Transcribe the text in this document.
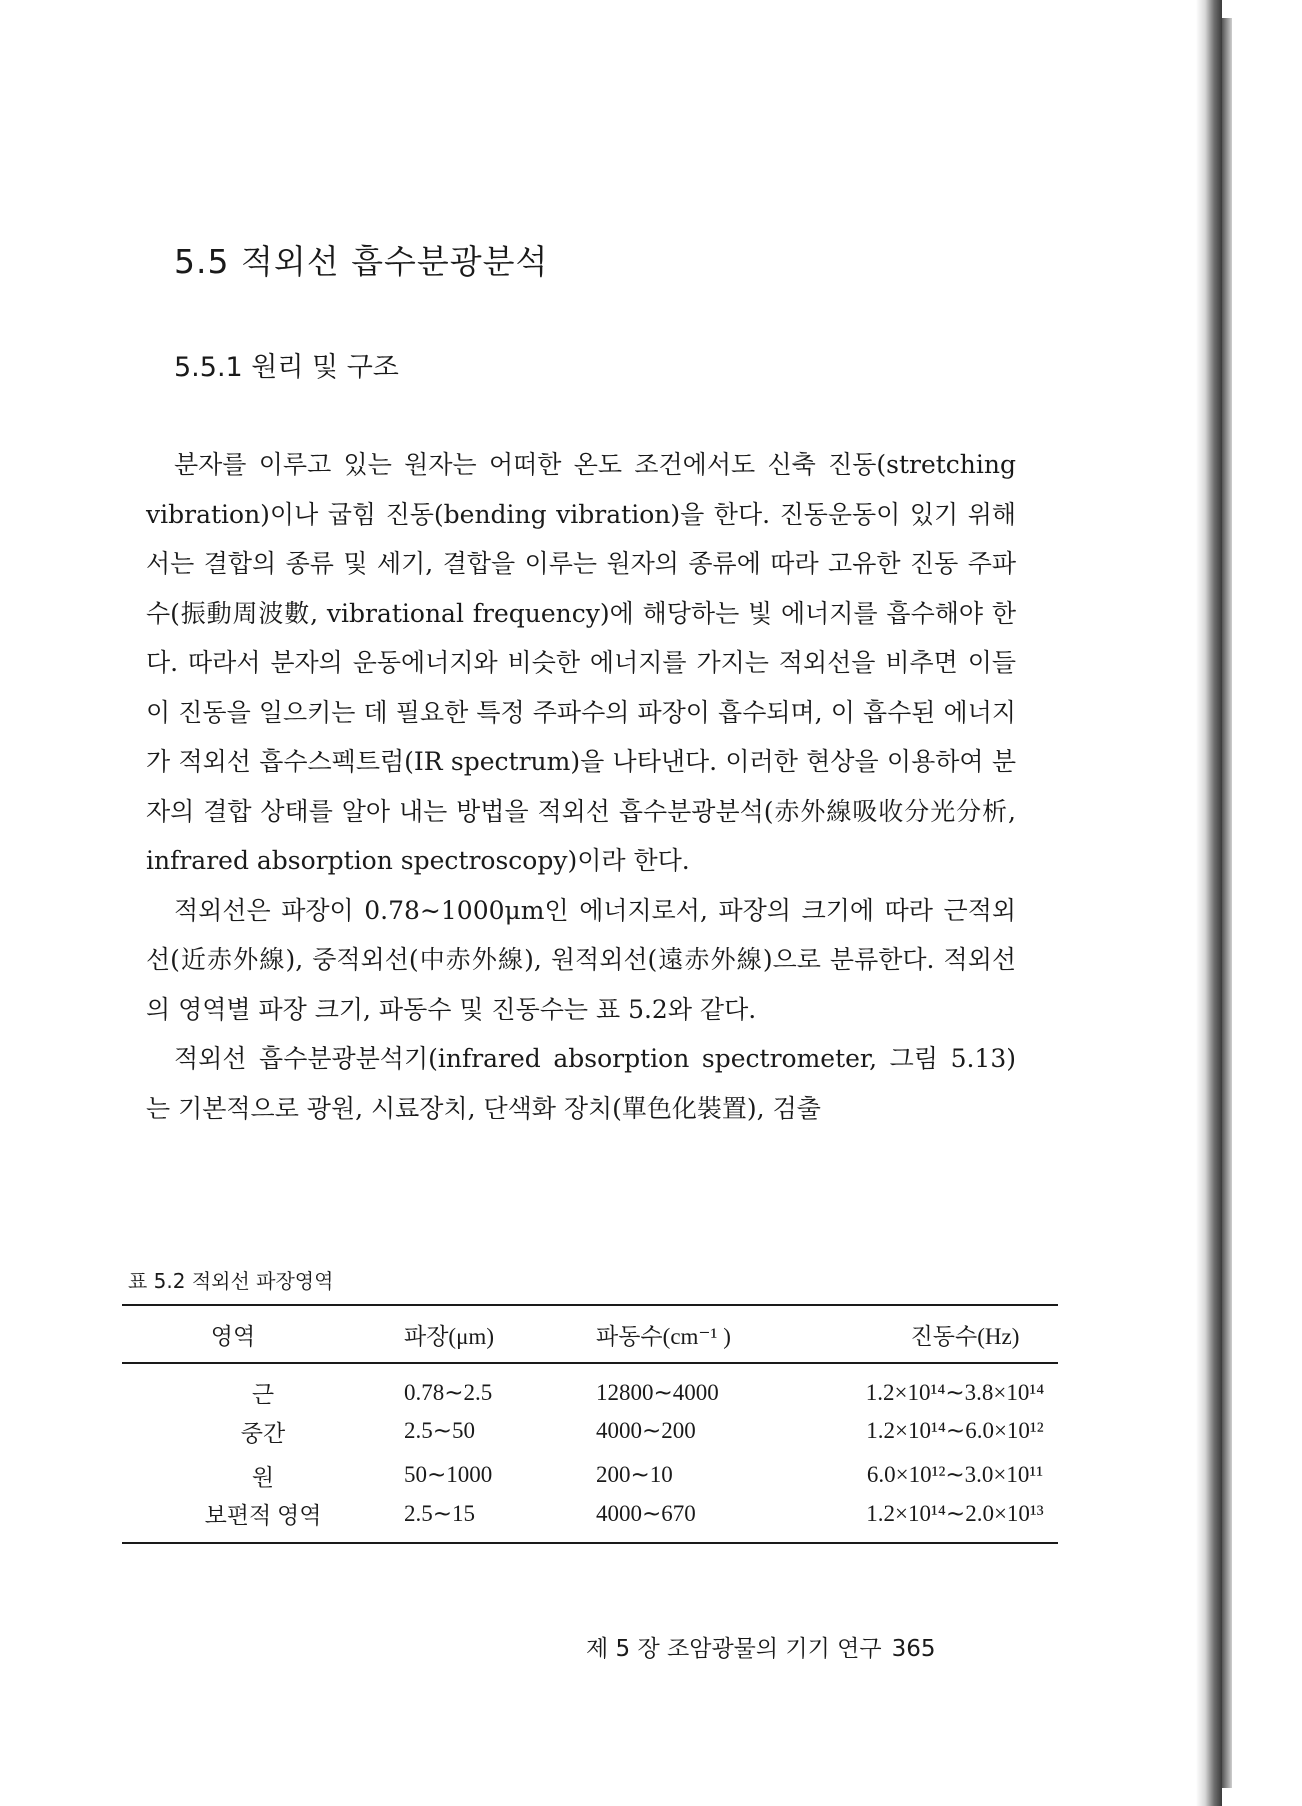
5.5 적외선 흡수분광분석
5.5.1 원리 및 구조

분자를 이루고 있는 원자는 어떠한 온도 조건에서도 신축 진동(stretching vibration)이나 굽힘 진동(bending vibration)을 한다. 진동운동이 있기 위해서는 결합의 종류 및 세기, 결합을 이루는 원자의 종류에 따라 고유한 진동 주파수(振動周波數, vibrational frequency)에 해당하는 빛 에너지를 흡수해야 한다. 따라서 분자의 운동에너지와 비슷한 에너지를 가지는 적외선을 비추면 이들이 진동을 일으키는 데 필요한 특정 주파수의 파장이 흡수되며, 이 흡수된 에너지가 적외선 흡수스펙트럼(IR spectrum)을 나타낸다. 이러한 현상을 이용하여 분자의 결합 상태를 알아 내는 방법을 적외선 흡수분광분석(赤外線吸收分光分析, infrared absorption spectroscopy)이라 한다.

적외선은 파장이 0.78∼1000μm인 에너지로서, 파장의 크기에 따라 근적외선(近赤外線), 중적외선(中赤外線), 원적외선(遠赤外線)으로 분류한다. 적외선의 영역별 파장 크기, 파동수 및 진동수는 표 5.2와 같다.

적외선 흡수분광분석기(infrared absorption spectrometer, 그림 5.13)는 기본적으로 광원, 시료장치, 단색화 장치(單色化裝置), 검출

표 5.2 적외선 파장영역
영역	파장(μm)	파동수(cm⁻¹ )	진동수(Hz)
근	0.78∼2.5	12800∼4000	1.2×10¹⁴∼3.8×10¹⁴
중간	2.5∼50	4000∼200	1.2×10¹⁴∼6.0×10¹²
원	50∼1000	200∼10	6.0×10¹²∼3.0×10¹¹
보편적 영역	2.5∼15	4000∼670	1.2×10¹⁴∼2.0×10¹³
제 5 장 조암광물의 기기 연구 365
